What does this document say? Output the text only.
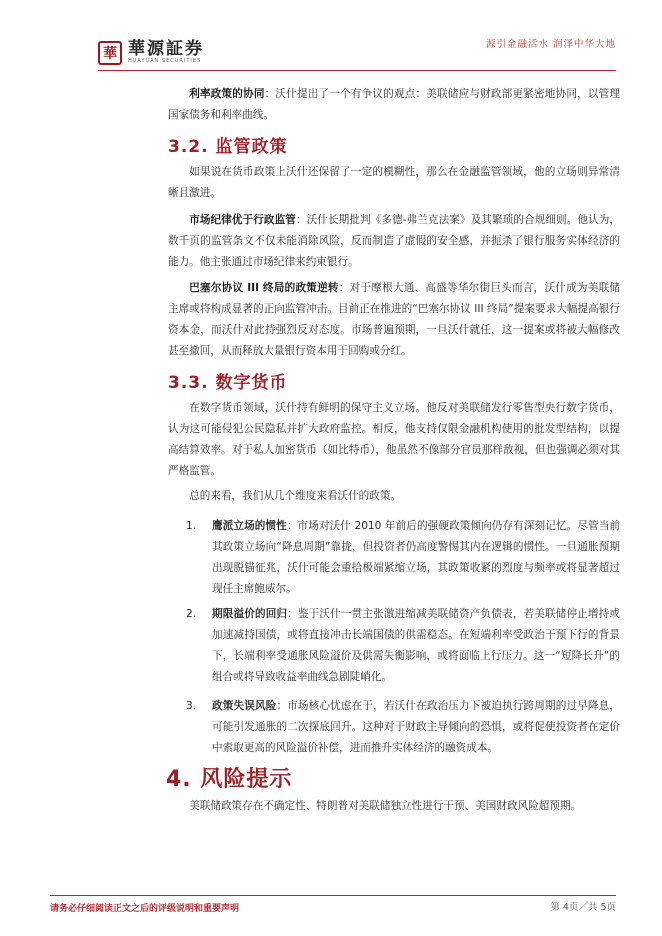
華 華源証券
HUAYUAN SECURITIES
源引金融活水 润泽中华大地
利率政策的协同：沃什提出了一个有争议的观点：美联储应与财政部更紧密地协同，以管理国家债务和利率曲线。
3.2. 监管政策
如果说在货币政策上沃什还保留了一定的模糊性，那么在金融监管领域，他的立场则异常清晰且激进。
市场纪律优于行政监管：沃什长期批判《多德-弗兰克法案》及其繁琐的合规细则。他认为，数千页的监管条文不仅未能消除风险，反而制造了虚假的安全感，并扼杀了银行服务实体经济的能力。他主张通过市场纪律来约束银行。
巴塞尔协议 III 终局的政策逆转：对于摩根大通、高盛等华尔街巨头而言，沃什成为美联储主席或将构成显著的正向监管冲击。目前正在推进的“巴塞尔协议 III 终局”提案要求大幅提高银行资本金，而沃什对此持强烈反对态度。市场普遍预期，一旦沃什就任，这一提案或将被大幅修改甚至撤回，从而释放大量银行资本用于回购或分红。
3.3. 数字货币
在数字货币领域，沃什持有鲜明的保守主义立场。他反对美联储发行零售型央行数字货币，认为这可能侵犯公民隐私并扩大政府监控。相反，他支持仅限金融机构使用的批发型结构，以提高结算效率。对于私人加密货币（如比特币），他虽然不像部分官员那样敌视，但也强调必须对其严格监管。
总的来看，我们从几个维度来看沃什的政策。
1. 鹰派立场的惯性：市场对沃什 2010 年前后的强硬政策倾向仍存有深刻记忆。尽管当前其政策立场向“降息周期”靠拢，但投资者仍高度警惕其内在逻辑的惯性。一旦通胀预期出现脱锚征兆，沃什可能会重拾极端紧缩立场，其政策收紧的烈度与频率或将显著超过现任主席鲍威尔。
2. 期限溢价的回归：鉴于沃什一贯主张激进缩减美联储资产负债表，若美联储停止增持或加速减持国债，或将直接冲击长端国债的供需稳态。在短端利率受政治干预下行的背景下，长端利率受通胀风险溢价及供需失衡影响，或将面临上行压力。这一“短降长升”的组合或将导致收益率曲线急剧陡峭化。
3. 政策失误风险：市场核心忧虑在于，若沃什在政治压力下被迫执行跨周期的过早降息，可能引发通胀的二次探底回升。这种对于财政主导倾向的恐惧，或将促使投资者在定价中索取更高的风险溢价补偿，进而推升实体经济的融资成本。
4. 风险提示
美联储政策存在不确定性、特朗普对美联储独立性进行干预、美国财政风险超预期。
请务必仔细阅读正文之后的评级说明和重要声明	第 4页／共 5页
